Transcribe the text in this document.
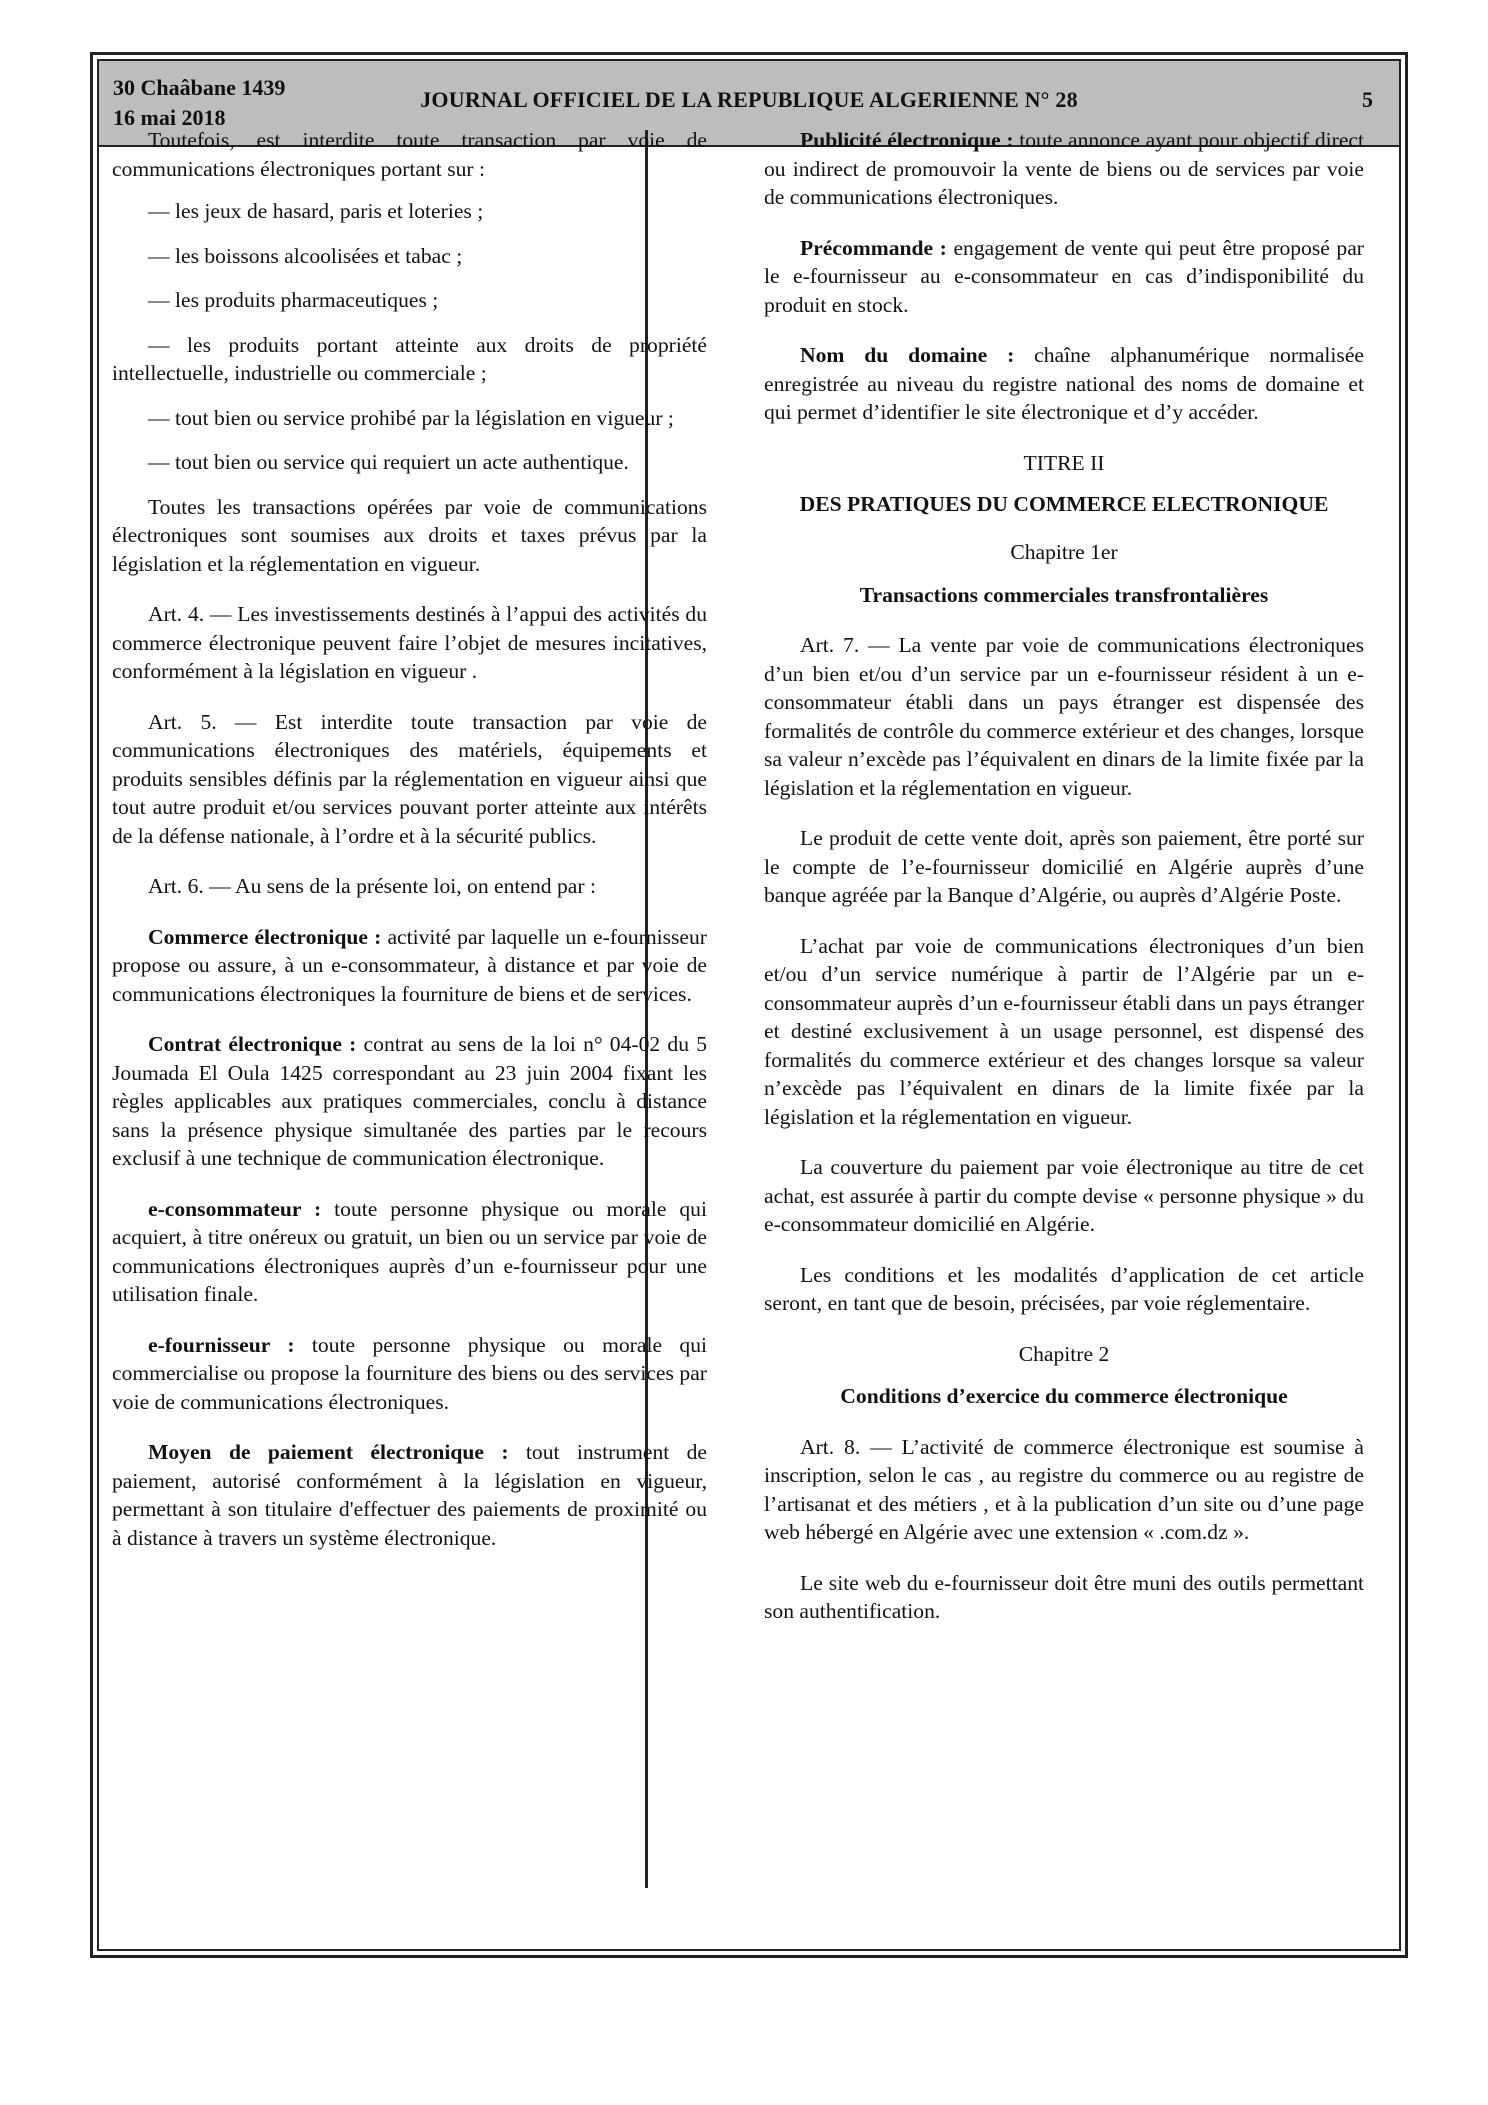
30 Chaâbane 1439
16 mai 2018
JOURNAL OFFICIEL DE LA REPUBLIQUE ALGERIENNE N° 28	5

Toutefois, est interdite toute transaction par voie de communications électroniques portant sur :

— les jeux de hasard, paris et loteries ;

— les boissons alcoolisées et tabac ;

— les produits pharmaceutiques ;

— les produits portant atteinte aux droits de propriété intellectuelle, industrielle ou commerciale ;

— tout bien ou service prohibé par la législation en vigueur ;

— tout bien ou service qui requiert un acte authentique.

Toutes les transactions opérées par voie de communications électroniques sont soumises aux droits et taxes prévus par la législation et la réglementation en vigueur.

Art. 4. — Les investissements destinés à l’appui des activités du commerce électronique peuvent faire l’objet de mesures incitatives, conformément à la législation en vigueur .

Art. 5. — Est interdite toute transaction par voie de communications électroniques des matériels, équipements et produits sensibles définis par la réglementation en vigueur ainsi que tout autre produit et/ou services pouvant porter atteinte aux intérêts de la défense nationale, à l’ordre et à la sécurité publics.

Art. 6. — Au sens de la présente loi, on entend par :

Commerce électronique : activité par laquelle un e-fournisseur propose ou assure, à un e-consommateur, à distance et par voie de communications électroniques la fourniture de biens et de services.

Contrat électronique : contrat au sens de la loi n° 04-02 du 5 Joumada El Oula 1425 correspondant au 23 juin 2004 fixant les règles applicables aux pratiques commerciales, conclu à distance sans la présence physique simultanée des parties par le recours exclusif à une technique de communication électronique.

e-consommateur : toute personne physique ou morale qui acquiert, à titre onéreux ou gratuit, un bien ou un service par voie de communications électroniques auprès d’un e-fournisseur pour une utilisation finale.

e-fournisseur : toute personne physique ou morale qui commercialise ou propose la fourniture des biens ou des services par voie de communications électroniques.

Moyen de paiement électronique : tout instrument de paiement, autorisé conformément à la législation en vigueur, permettant à son titulaire d'effectuer des paiements de proximité ou à distance à travers un système électronique.

Publicité électronique : toute annonce ayant pour objectif direct ou indirect de promouvoir la vente de biens ou de services par voie de communications électroniques.

Précommande : engagement de vente qui peut être proposé par le e-fournisseur au e-consommateur en cas d’indisponibilité du produit en stock.

Nom du domaine : chaîne alphanumérique normalisée enregistrée au niveau du registre national des noms de domaine et qui permet d’identifier le site électronique et d’y accéder.

TITRE II

DES PRATIQUES DU COMMERCE ELECTRONIQUE

Chapitre 1er

Transactions commerciales transfrontalières

Art. 7. — La vente par voie de communications électroniques d’un bien et/ou d’un service par un e-fournisseur résident à un e-consommateur établi dans un pays étranger est dispensée des formalités de contrôle du commerce extérieur et des changes, lorsque sa valeur n’excède pas l’équivalent en dinars de la limite fixée par la législation et la réglementation en vigueur.

Le produit de cette vente doit, après son paiement, être porté sur le compte de l’e-fournisseur domicilié en Algérie auprès d’une banque agréée par la Banque d’Algérie, ou auprès d’Algérie Poste.

L’achat par voie de communications électroniques d’un bien et/ou d’un service numérique à partir de l’Algérie par un e-consommateur auprès d’un e-fournisseur établi dans un pays étranger et destiné exclusivement à un usage personnel, est dispensé des formalités du commerce extérieur et des changes lorsque sa valeur n’excède pas l’équivalent en dinars de la limite fixée par la législation et la réglementation en vigueur.

La couverture du paiement par voie électronique au titre de cet achat, est assurée à partir du compte devise « personne physique » du e-consommateur domicilié en Algérie.

Les conditions et les modalités d’application de cet article seront, en tant que de besoin, précisées, par voie réglementaire.

Chapitre 2

Conditions d’exercice du commerce électronique

Art. 8. — L’activité de commerce électronique est soumise à inscription, selon le cas , au registre du commerce ou au registre de l’artisanat et des métiers , et à la publication d’un site ou d’une page web hébergé en Algérie avec une extension « .com.dz ».

Le site web du e-fournisseur doit être muni des outils permettant son authentification.
